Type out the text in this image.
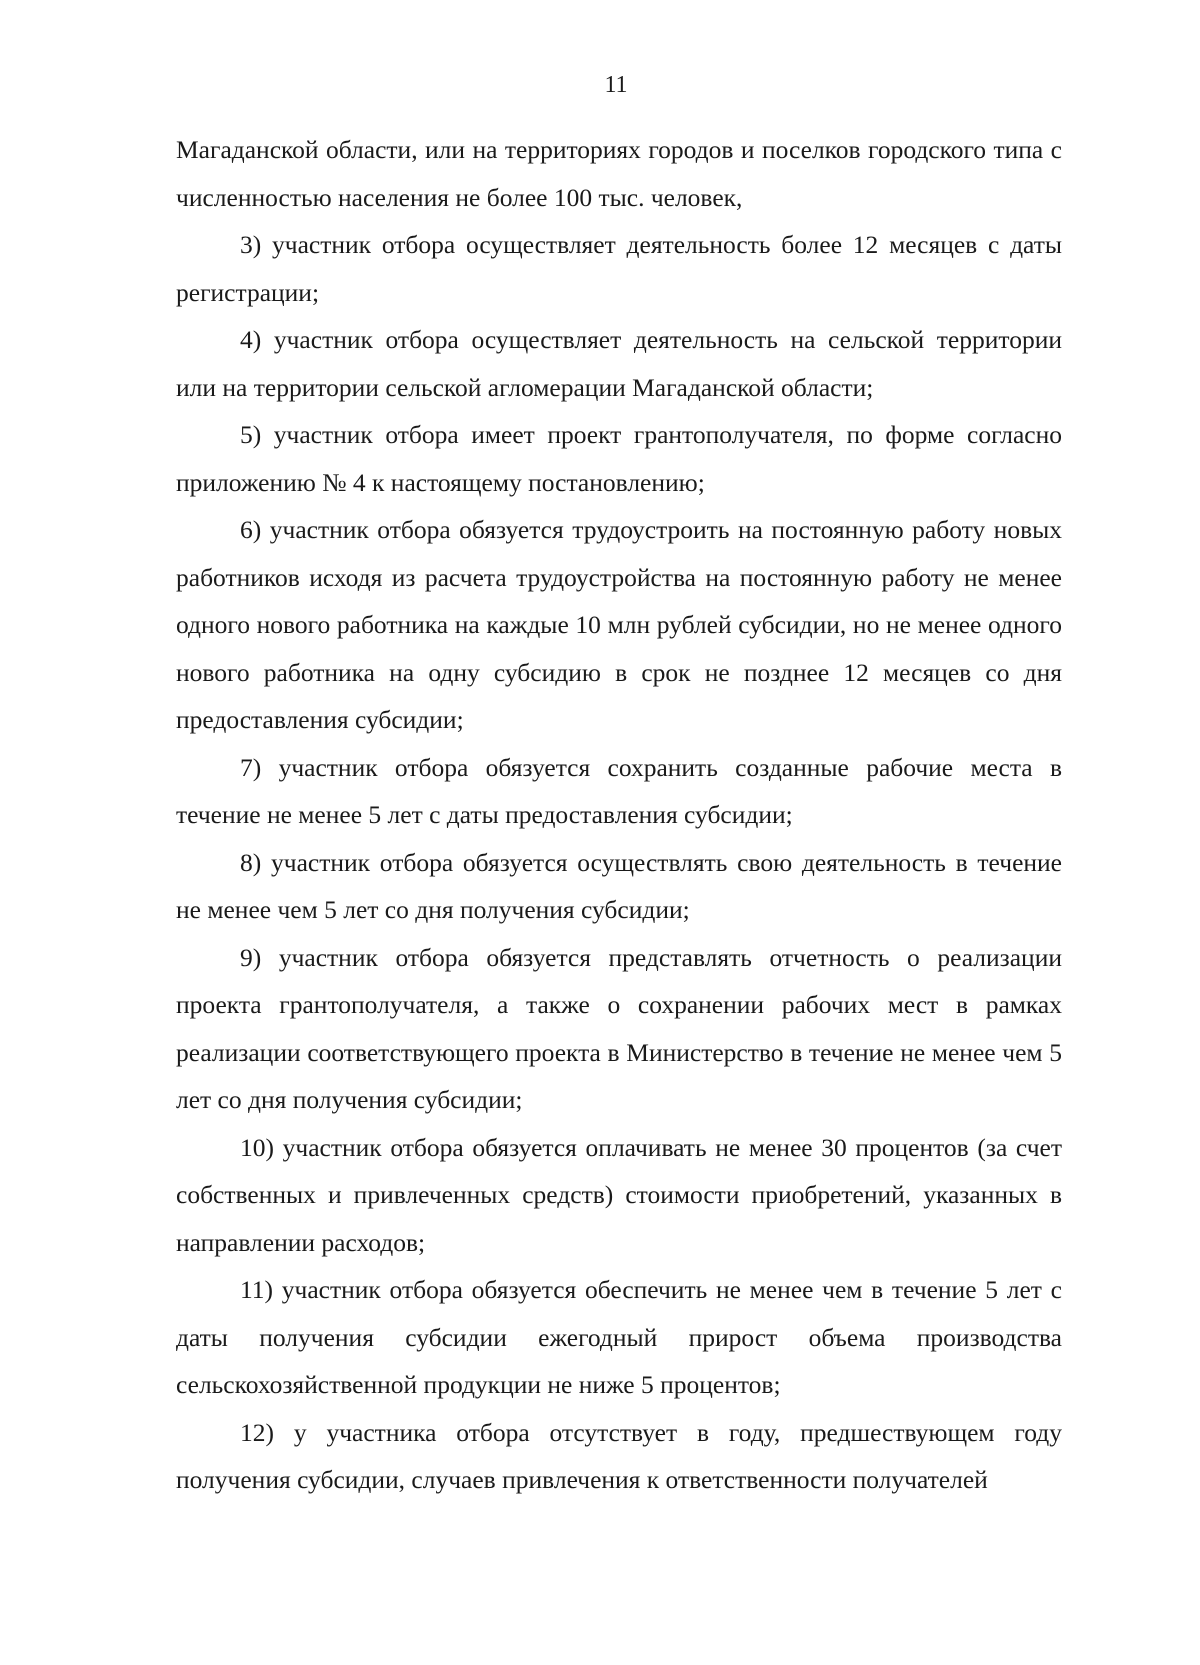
11

Магаданской области, или на территориях городов и поселков городского типа с численностью населения не более 100 тыс. человек,

3) участник отбора осуществляет деятельность более 12 месяцев с даты регистрации;

4) участник отбора осуществляет деятельность на сельской территории или на территории сельской агломерации Магаданской области;

5) участник отбора имеет проект грантополучателя, по форме согласно приложению № 4 к настоящему постановлению;

6) участник отбора обязуется трудоустроить на постоянную работу новых работников исходя из расчета трудоустройства на постоянную работу не менее одного нового работника на каждые 10 млн рублей субсидии, но не менее одного нового работника на одну субсидию в срок не позднее 12 месяцев со дня предоставления субсидии;

7) участник отбора обязуется сохранить созданные рабочие места в течение не менее 5 лет с даты предоставления субсидии;

8) участник отбора обязуется осуществлять свою деятельность в течение не менее чем 5 лет со дня получения субсидии;

9) участник отбора обязуется представлять отчетность о реализации проекта грантополучателя, а также о сохранении рабочих мест в рамках реализации соответствующего проекта в Министерство в течение не менее чем 5 лет со дня получения субсидии;

10) участник отбора обязуется оплачивать не менее 30 процентов (за счет собственных и привлеченных средств) стоимости приобретений, указанных в направлении расходов;

11) участник отбора обязуется обеспечить не менее чем в течение 5 лет с даты получения субсидии ежегодный прирост объема производства сельскохозяйственной продукции не ниже 5 процентов;

12) у участника отбора отсутствует в году, предшествующем году получения субсидии, случаев привлечения к ответственности получателей
